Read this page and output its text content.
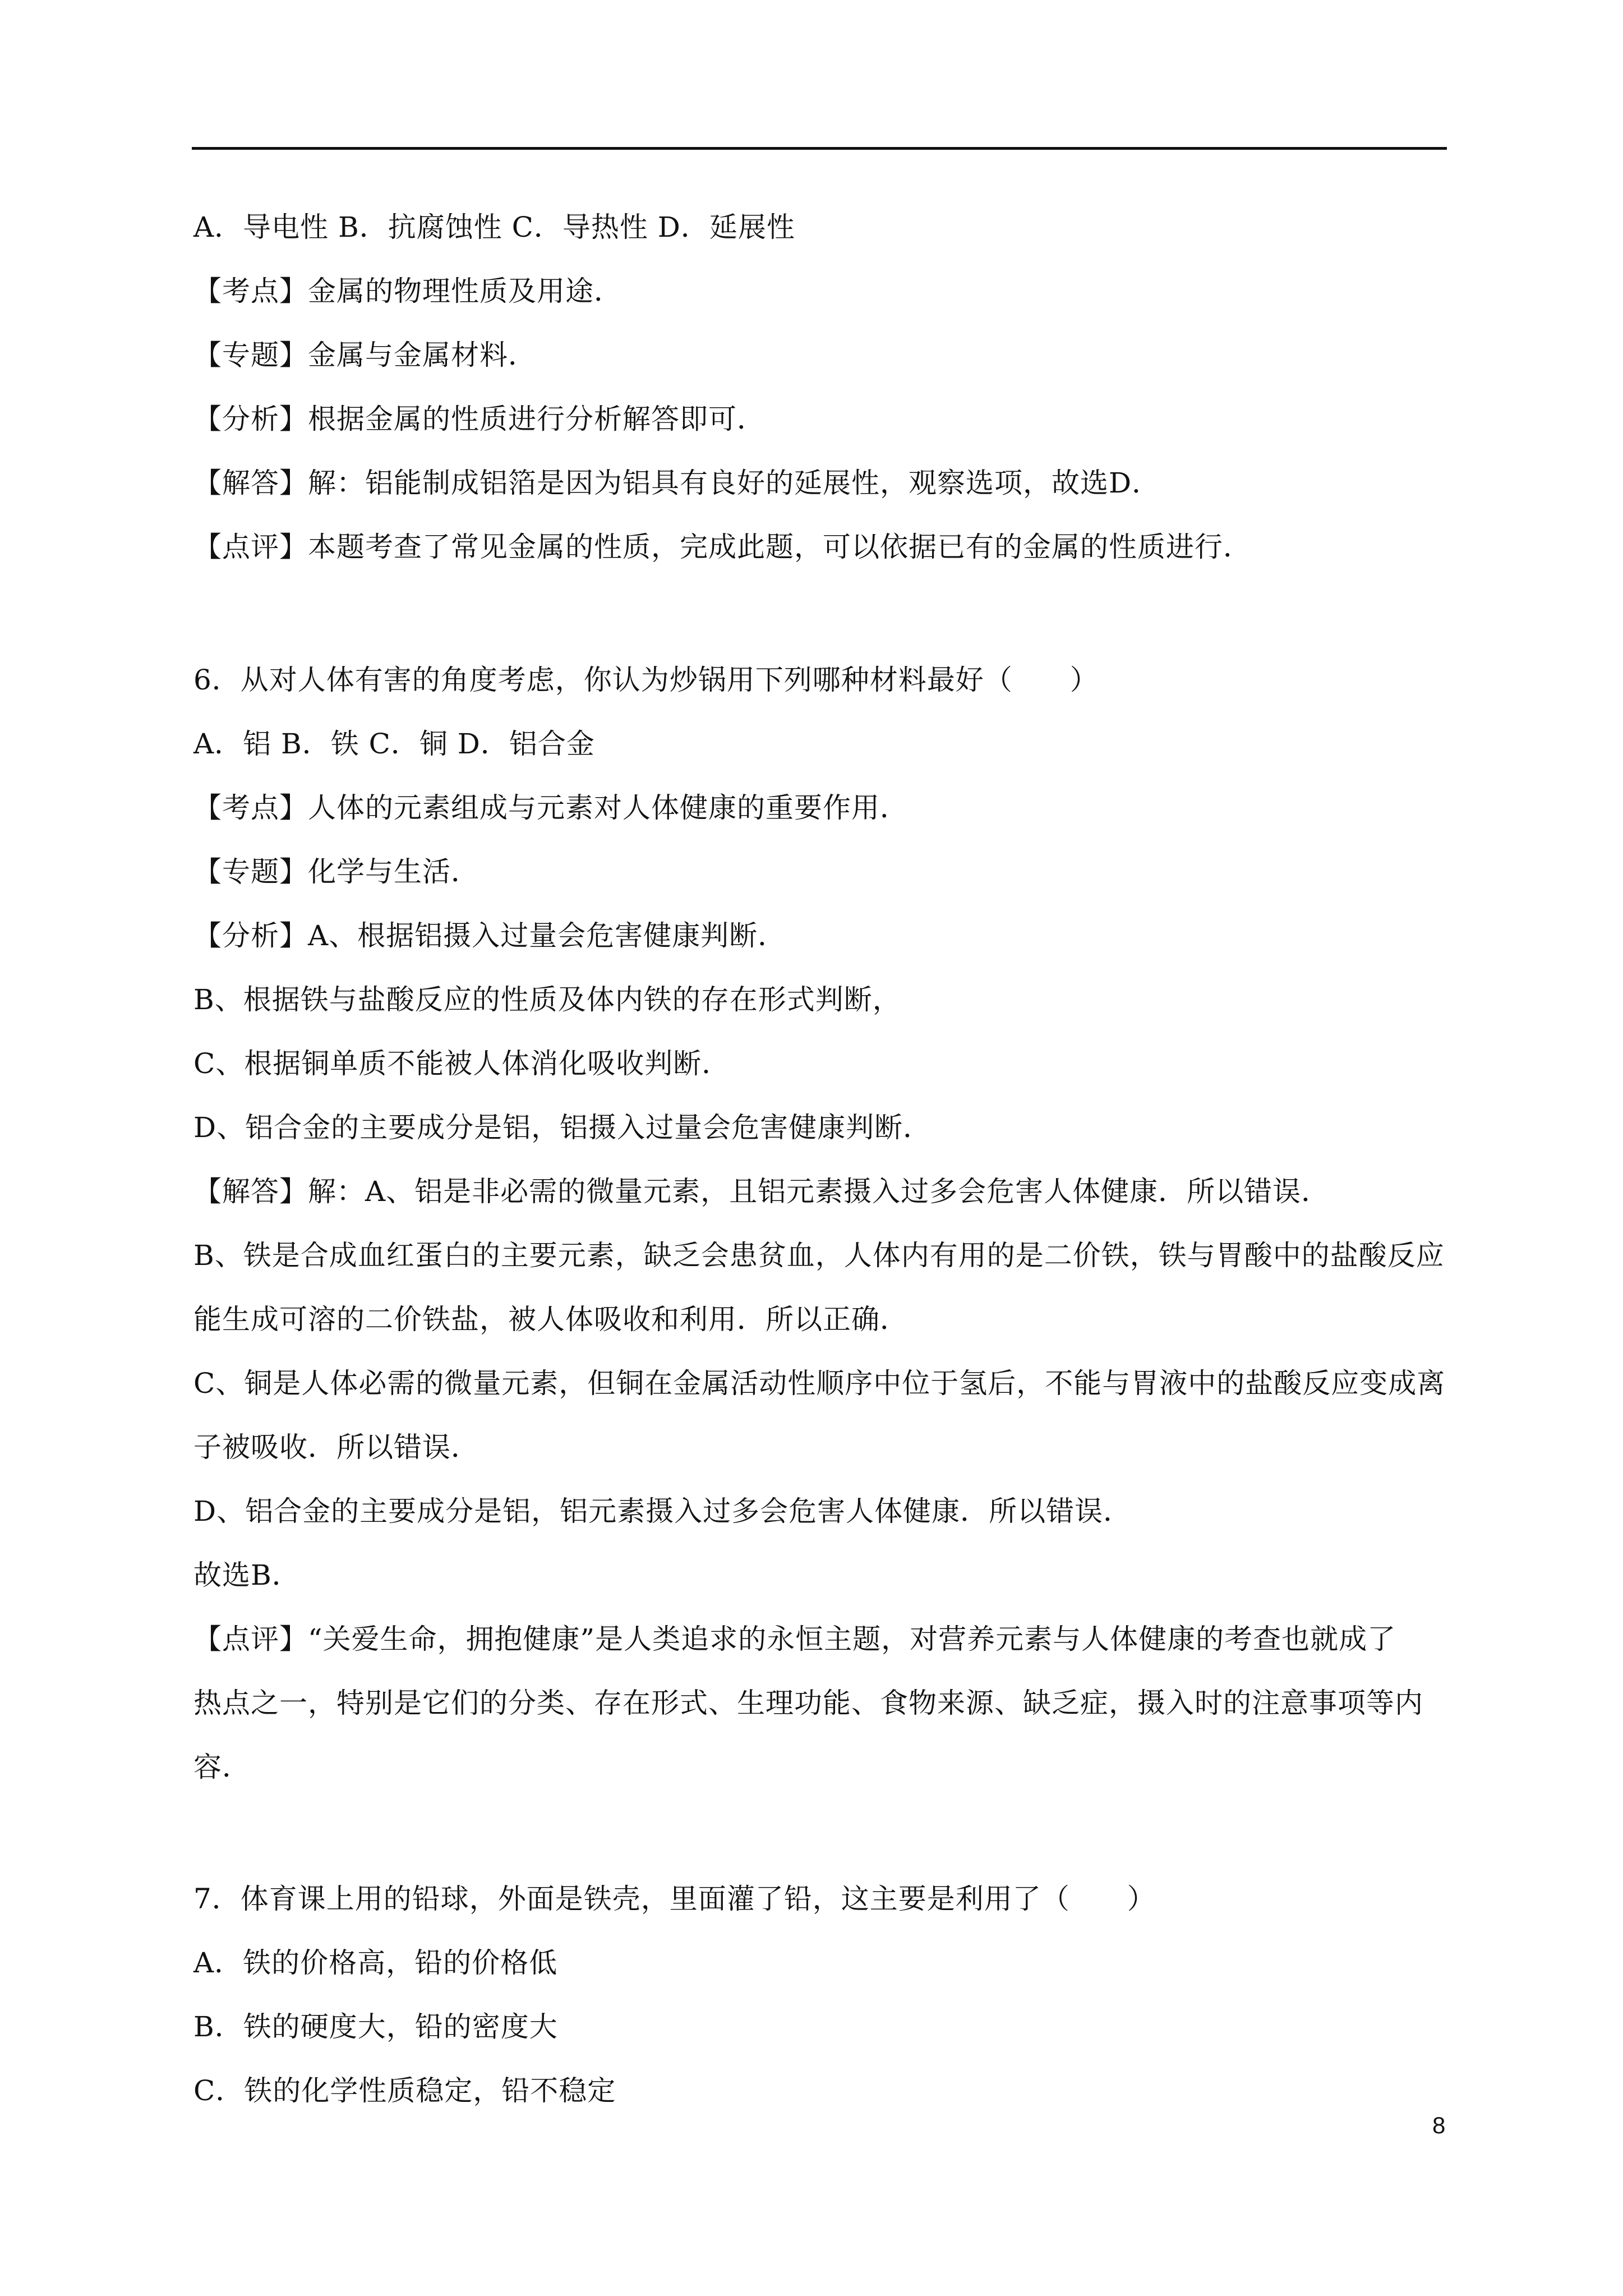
A．导电性 B．抗腐蚀性 C．导热性 D．延展性
【考点】金属的物理性质及用途．
【专题】金属与金属材料．
【分析】根据金属的性质进行分析解答即可．
【解答】解：铝能制成铝箔是因为铝具有良好的延展性，观察选项，故选D．
【点评】本题考查了常见金属的性质，完成此题，可以依据已有的金属的性质进行．
6．从对人体有害的角度考虑，你认为炒锅用下列哪种材料最好（　　）
A．铝 B．铁 C．铜 D．铝合金
【考点】人体的元素组成与元素对人体健康的重要作用．
【专题】化学与生活．
【分析】A、根据铝摄入过量会危害健康判断．
B、根据铁与盐酸反应的性质及体内铁的存在形式判断，
C、根据铜单质不能被人体消化吸收判断．
D、铝合金的主要成分是铝，铝摄入过量会危害健康判断．
【解答】解：A、铝是非必需的微量元素，且铝元素摄入过多会危害人体健康．所以错误．
B、铁是合成血红蛋白的主要元素，缺乏会患贫血，人体内有用的是二价铁，铁与胃酸中的盐酸反应
能生成可溶的二价铁盐，被人体吸收和利用．所以正确．
C、铜是人体必需的微量元素，但铜在金属活动性顺序中位于氢后，不能与胃液中的盐酸反应变成离
子被吸收．所以错误．
D、铝合金的主要成分是铝，铝元素摄入过多会危害人体健康．所以错误．
故选B．
【点评】“关爱生命，拥抱健康”是人类追求的永恒主题，对营养元素与人体健康的考查也就成了
热点之一，特别是它们的分类、存在形式、生理功能、食物来源、缺乏症，摄入时的注意事项等内
容．
7．体育课上用的铅球，外面是铁壳，里面灌了铅，这主要是利用了（　　）
A．铁的价格高，铅的价格低
B．铁的硬度大，铅的密度大
C．铁的化学性质稳定，铅不稳定
8
